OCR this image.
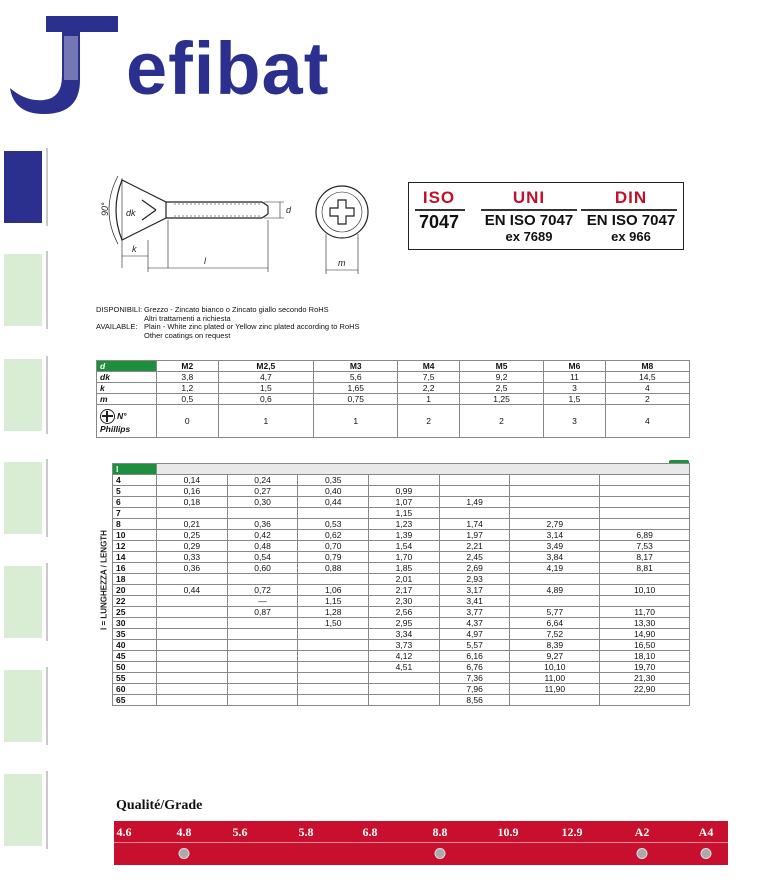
efibat
90° dk	d
k
l	m
ISO
7047
UNI
EN ISO 7047
ex 7689
DIN
EN ISO 7047
ex 966
DISPONIBILI: Grezzo - Zincato bianco o Zincato giallo secondo RoHS
Altri trattamenti a richiesta
AVAILABLE: Plain - White zinc plated or Yellow zinc plated according to RoHS
Other coatings on request
d	M2	M2,5	M3	M4	M5	M6	M8
dk	3,8	4,7	5,6	7,5	9,2	11	14,5
k	1,2	1,5	1,65	2,2	2,5	3	4
m	0,5	0,6	0,75	1	1,25	1,5	2

N°
Phillips	0	1	1	2	2	3	4
l = LUNGHEZZA / LENGTH
l							
4	0,14	0,24	0,35				
5	0,16	0,27	0,40	0,99			
6	0,18	0,30	0,44	1,07	1,49		
7				1,15			
8	0,21	0,36	0,53	1,23	1,74	2,79	
10	0,25	0,42	0,62	1,39	1,97	3,14	6,89
12	0,29	0,48	0,70	1,54	2,21	3,49	7,53
14	0,33	0,54	0,79	1,70	2,45	3,84	8,17
16	0,36	0,60	0,88	1,85	2,69	4,19	8,81
18				2,01	2,93		
20	0,44	0,72	1,06	2,17	3,17	4,89	10,10
22		—	1,15	2,30	3,41		
25		0,87	1,28	2,56	3,77	5,77	11,70
30			1,50	2,95	4,37	6,64	13,30
35				3,34	4,97	7,52	14,90
40				3,73	5,57	8,39	16,50
45				4,12	6,16	9,27	18,10
50				4,51	6,76	10,10	19,70
55					7,36	11,00	21,30
60					7,96	11,90	22,90
65					8,56		
Qualité/Grade
4.6	4.8	5.6	5.8	6.8	8.8	10.9	12.9	A2	A4
